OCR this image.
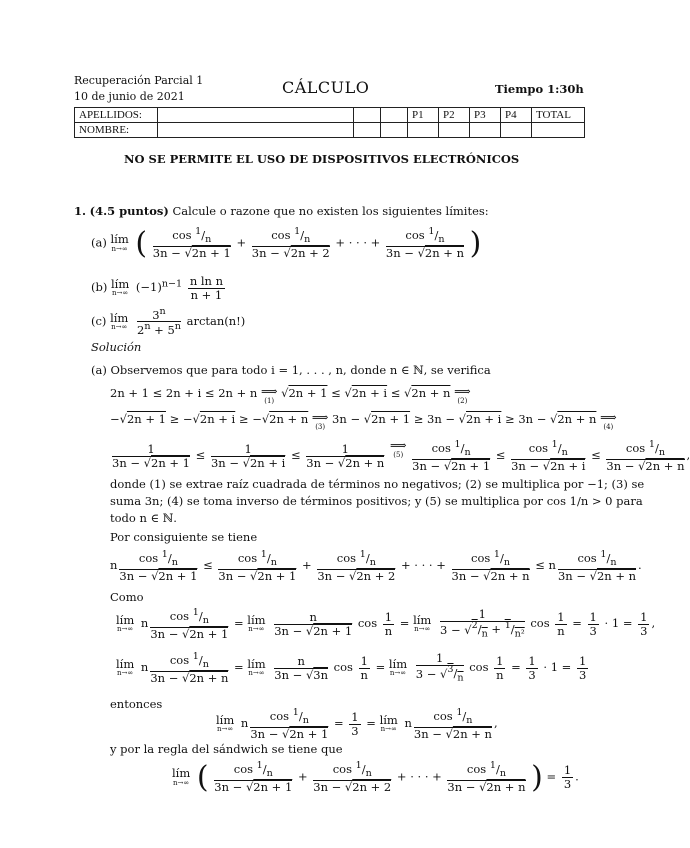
Recuperación Parcial 1
10 de junio de 2021	CÁLCULO	Tiempo 1:30h
APELLIDOS:				P1	P2	P3	P4	TOTAL
NOMBRE:								
NO SE PERMITE EL USO DE DISPOSITIVOS ELECTRÓNICOS
1. (4.5 puntos) Calcule o razone que no existen los siguientes límites:
(a) lím
n→∞ ( $\frac{\cos ^1/_n}{3n - √2n + 1} + \frac{\cos ^1/_n}{3n - √2n + 2}$ + · · · + $\frac{\cos ^1/_n}{3n - √2n + n}$ )
(b) lím
n→∞ $(-1)^{n-1} \frac{\text{n ln n}}{n + 1}$
(c) lím
n→∞
$\frac{3^n}{2^n + 5^n} \arctan(n!)$
Solución
(a) Observemos que para todo i = 1, . . . , n, donde n ∈ ℕ, se verifica
2n + 1 ≤ 2n + i ≤ 2n + n ⟹
(1)
√2n + 1 ≤ √2n + i ≤ √2n + n ⟹
(2)
−√2n + 1 ≥ −√2n + i ≥ −√2n + n ⟹
(3)
3n − √2n + 1 ≥ 3n − √2n + i ≥ 3n − √2n + n ⟹
(4)
$\frac{1}{3n - √2n + 1} \le \frac{1}{3n - √2n + i} \le \frac{1}{3n - √2n + n}$
⟹
(5)
$\frac{\cos ^1/_n}{3n - √2n + 1} \le \frac{\cos ^1/_n}{3n - √2n + i} \le \frac{\cos ^1/_n}{3n - √2n + n}$ ,
donde (1) se extrae raíz cuadrada de términos no negativos; (2) se multiplica por −1; (3) se
suma 3n; (4) se toma inverso de términos positivos; y (5) se multiplica por cos 1/n > 0 para
todo n ∈ ℕ.
Por consiguiente se tiene
n $\frac{\cos ^1/_n}{3n - √2n + 1} \le \frac{\cos ^1/_n}{3n - √2n + 1} + \frac{\cos ^1/_n}{3n - √2n + 2}$ + · · · + $\frac{\cos ^1/_n}{3n - √2n + n} \le n \frac{\cos ^1/_n}{3n - √2n + n}$ .
Como
lím
n→∞ n $\frac{\cos ^1/_n}{3n - √2n + 1}$ = lím
n→∞
$\frac{n}{3n - √2n + 1}$ $\cos \frac{1}{n}$ = lím
n→∞
$\frac{1}{3 - √^2/_n + ^1/_{n^2}}$ $\cos \frac{1}{n} = \frac{1}{3} \cdot 1 = \frac{1}{3}$ ,
lím
n→∞ n $\frac{\cos ^1/_n}{3n - √2n + n}$ = lím
n→∞
$\frac{n}{3n - √3n}$ $\cos \frac{1}{n}$ = lím
n→∞
$\frac{1}{3 - √^3/_n}$ $\cos \frac{1}{n} = \frac{1}{3} \cdot 1 = \frac{1}{3}$
entonces
lím
n→∞ n $\frac{\cos ^1/_n}{3n - √2n + 1} = \frac{1}{3}$ = lím
n→∞ n $\frac{\cos ^1/_n}{3n - √2n + n}$ ,
y por la regla del sándwich se tiene que
lím
n→∞ ( $\frac{\cos ^1/_n}{3n - √2n + 1} + \frac{\cos ^1/_n}{3n - √2n + 2}$ + · · · + $\frac{\cos ^1/_n}{3n - √2n + n}$ ) = $\frac{1}{3}$ .
